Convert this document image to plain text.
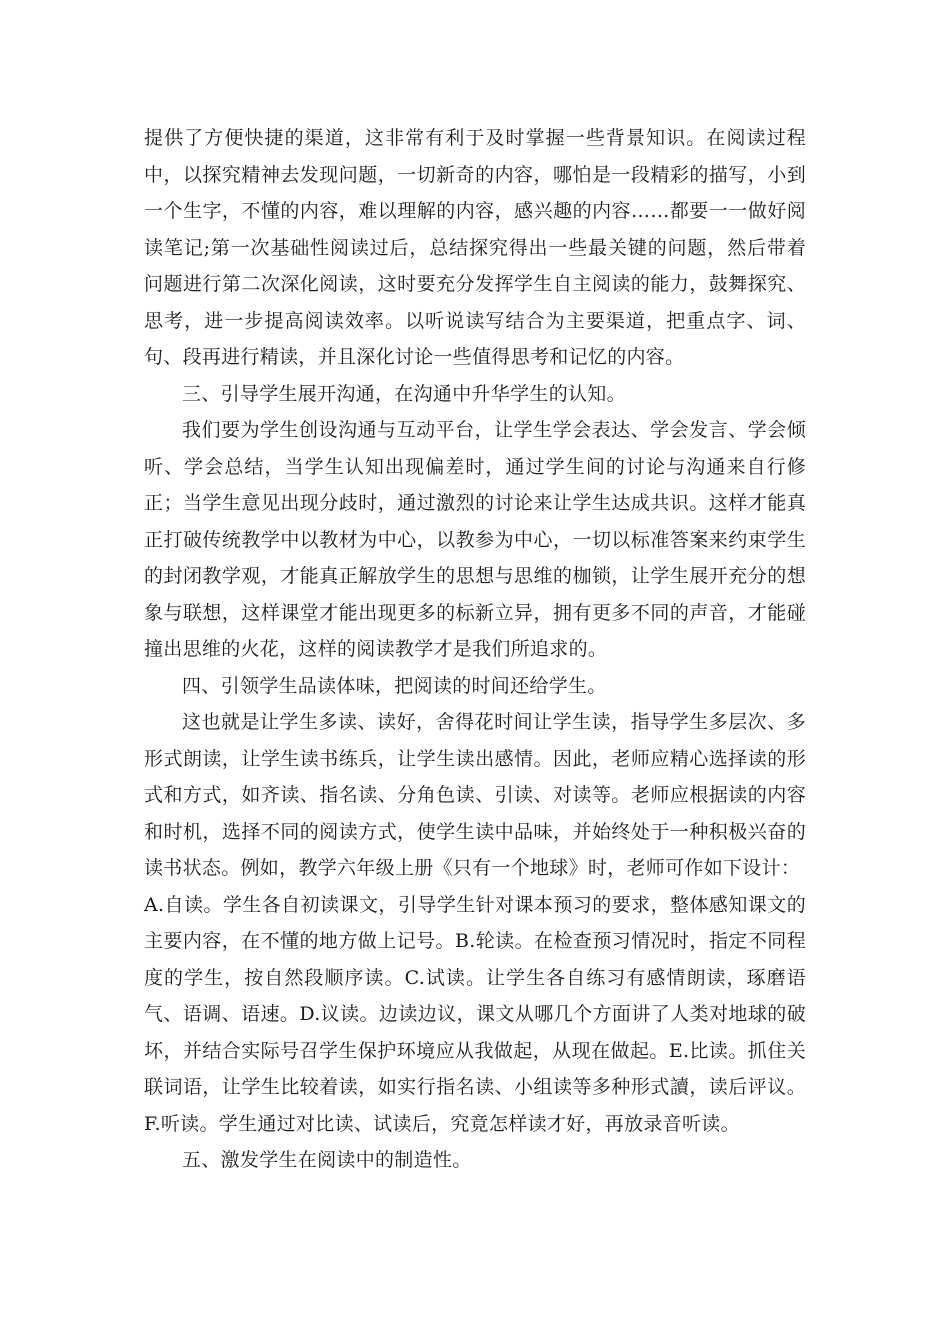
提供了方便快捷的渠道，这非常有利于及时掌握一些背景知识。在阅读过程中，以探究精神去发现问题，一切新奇的内容，哪怕是一段精彩的描写，小到一个生字，不懂的内容，难以理解的内容，感兴趣的内容……都要一一做好阅读笔记;第一次基础性阅读过后，总结探究得出一些最关键的问题，然后带着问题进行第二次深化阅读，这时要充分发挥学生自主阅读的能力，鼓舞探究、思考，进一步提高阅读效率。以听说读写结合为主要渠道，把重点字、词、句、段再进行精读，并且深化讨论一些值得思考和记忆的内容。

三、引导学生展开沟通，在沟通中升华学生的认知。

我们要为学生创设沟通与互动平台，让学生学会表达、学会发言、学会倾听、学会总结，当学生认知出现偏差时，通过学生间的讨论与沟通来自行修正；当学生意见出现分歧时，通过激烈的讨论来让学生达成共识。这样才能真正打破传统教学中以教材为中心，以教参为中心，一切以标准答案来约束学生的封闭教学观，才能真正解放学生的思想与思维的枷锁，让学生展开充分的想象与联想，这样课堂才能出现更多的标新立异，拥有更多不同的声音，才能碰撞出思维的火花，这样的阅读教学才是我们所追求的。

四、引领学生品读体味，把阅读的时间还给学生。

这也就是让学生多读、读好，舍得花时间让学生读，指导学生多层次、多形式朗读，让学生读书练兵，让学生读出感情。因此，老师应精心选择读的形式和方式，如齐读、指名读、分角色读、引读、对读等。老师应根据读的内容和时机，选择不同的阅读方式，使学生读中品味，并始终处于一种积极兴奋的读书状态。例如，教学六年级上册《只有一个地球》时，老师可作如下设计：

A.自读。学生各自初读课文，引导学生针对课本预习的要求，整体感知课文的主要内容，在不懂的地方做上记号。B.轮读。在检查预习情况时，指定不同程度的学生，按自然段顺序读。C.试读。让学生各自练习有感情朗读，琢磨语气、语调、语速。D.议读。边读边议，课文从哪几个方面讲了人类对地球的破坏，并结合实际号召学生保护环境应从我做起，从现在做起。E.比读。抓住关联词语，让学生比较着读，如实行指名读、小组读等多种形式讀，读后评议。F.听读。学生通过对比读、试读后，究竟怎样读才好，再放录音听读。

五、激发学生在阅读中的制造性。
